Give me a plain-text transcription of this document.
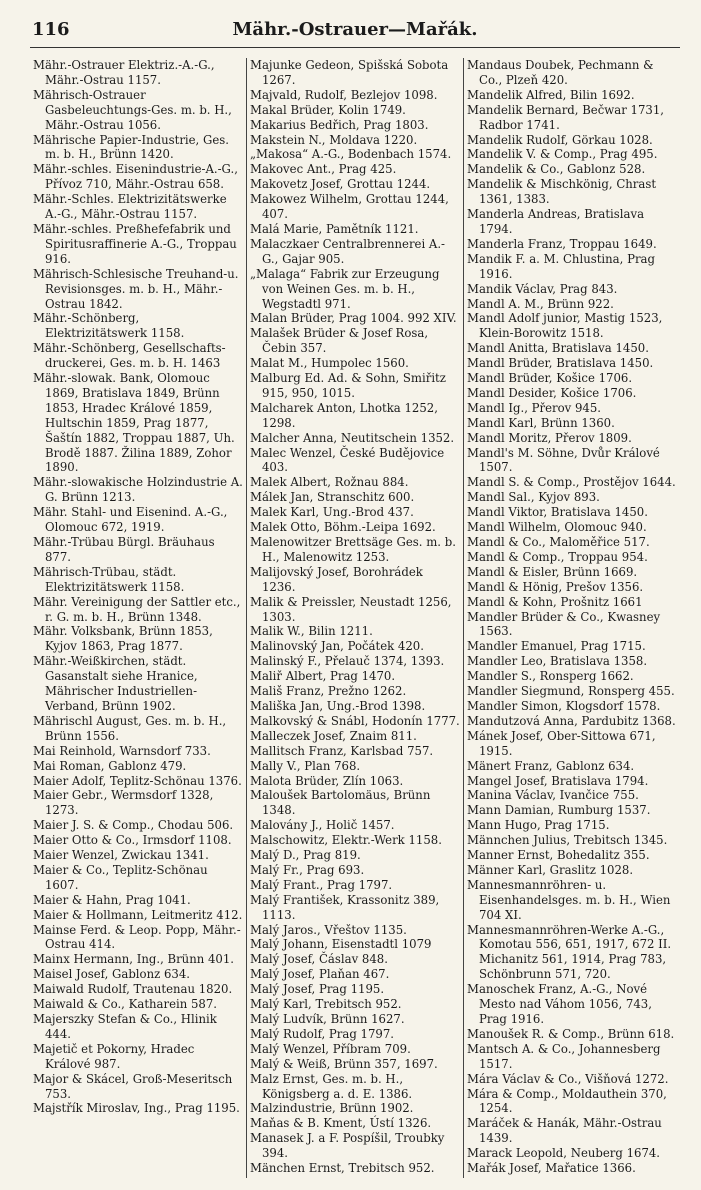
116	Mähr.-Ostrauer—Mařák.
Mähr.-Ostrauer Elektriz.-A.-G., Mähr.-Ostrau 1157.
Mährisch-Ostrauer Gasbeleuchtungs-Ges. m. b. H., Mähr.-Ostrau 1056.
Mährische Papier-Industrie, Ges. m. b. H., Brünn 1420.
Mähr.-schles. Eisenindustrie-A.-G., Přívoz 710, Mähr.-Ostrau 658.
Mähr.-Schles. Elektrizitätswerke A.-G., Mähr.-Ostrau 1157.
Mähr.-schles. Preßhefefabrik und Spiritusraffinerie A.-G., Troppau 916.
Mährisch-Schlesische Treuhand-u. Revisionsges. m. b. H., Mähr.-Ostrau 1842.
Mähr.-Schönberg, Elektrizitätswerk 1158.
Mähr.-Schönberg, Gesellschafts-druckerei, Ges. m. b. H. 1463
Mähr.-slowak. Bank, Olomouc 1869, Bratislava 1849, Brünn 1853, Hradec Králové 1859, Hultschin 1859, Prag 1877, Šaštín 1882, Troppau 1887, Uh. Brodě 1887. Žilina 1889, Zohor 1890.
Mähr.-slowakische Holzindustrie A. G. Brünn 1213.
Mähr. Stahl- und Eisenind. A.-G., Olomouc 672, 1919.
Mähr.-Trübau Bürgl. Bräuhaus 877.
Mährisch-Trübau, städt. Elektrizitätswerk 1158.
Mähr. Vereinigung der Sattler etc., r. G. m. b. H., Brünn 1348.
Mähr. Volksbank, Brünn 1853, Kyjov 1863, Prag 1877.
Mähr.-Weißkirchen, städt. Gasanstalt siehe Hranice, Mährischer Industriellen-Verband, Brünn 1902.
Mährischl August, Ges. m. b. H., Brünn 1556.
Mai Reinhold, Warnsdorf 733.
Mai Roman, Gablonz 479.
Maier Adolf, Teplitz-Schönau 1376.
Maier Gebr., Wermsdorf 1328, 1273.
Maier J. S. & Comp., Chodau 506.
Maier Otto & Co., Irmsdorf 1108.
Maier Wenzel, Zwickau 1341.
Maier & Co., Teplitz-Schönau 1607.
Maier & Hahn, Prag 1041.
Maier & Hollmann, Leitmeritz 412.
Mainse Ferd. & Leop. Popp, Mähr.-Ostrau 414.
Mainx Hermann, Ing., Brünn 401.
Maisel Josef, Gablonz 634.
Maiwald Rudolf, Trautenau 1820.
Maiwald & Co., Katharein 587.
Majerszky Stefan & Co., Hlinik 444.
Majetič et Pokorny, Hradec Králové 987.
Major & Skácel, Groß-Meseritsch 753.
Majstřík Miroslav, Ing., Prag 1195.
Majunke Gedeon, Spišská Sobota 1267.
Majvald, Rudolf, Bezlejov 1098.
Makal Brüder, Kolin 1749.
Makarius Bedřich, Prag 1803.
Makstein N., Moldava 1220.
„Makosa“ A.-G., Bodenbach 1574.
Makovec Ant., Prag 425.
Makovetz Josef, Grottau 1244.
Makowez Wilhelm, Grottau 1244, 407.
Malá Marie, Pamětník 1121.
Malaczkaer Centralbrennerei A.-G., Gajar 905.
„Malaga“ Fabrik zur Erzeugung von Weinen Ges. m. b. H., Wegstadtl 971.
Malan Brüder, Prag 1004. 992 XIV.
Malašek Brüder & Josef Rosa, Čebin 357.
Malat M., Humpolec 1560.
Malburg Ed. Ad. & Sohn, Smiřitz 915, 950, 1015.
Malcharek Anton, Lhotka 1252, 1298.
Malcher Anna, Neutitschein 1352.
Malec Wenzel, České Budějovice 403.
Malek Albert, Rožnau 884.
Málek Jan, Stranschitz 600.
Malek Karl, Ung.-Brod 437.
Malek Otto, Böhm.-Leipa 1692.
Malenowitzer Brettsäge Ges. m. b. H., Malenowitz 1253.
Malijovský Josef, Borohrádek 1236.
Malik & Preissler, Neustadt 1256, 1303.
Malik W., Bilin 1211.
Malinovský Jan, Počátek 420.
Malinský F., Přelauč 1374, 1393.
Maliř Albert, Prag 1470.
Mališ Franz, Prežno 1262.
Mališka Jan, Ung.-Brod 1398.
Malkovský & Snábl, Hodonín 1777.
Malleczek Josef, Znaim 811.
Mallitsch Franz, Karlsbad 757.
Mally V., Plan 768.
Malota Brüder, Zlín 1063.
Maloušek Bartolomäus, Brünn 1348.
Malovány J., Holič 1457.
Malschowitz, Elektr.-Werk 1158.
Malý D., Prag 819.
Malý Fr., Prag 693.
Malý Frant., Prag 1797.
Malý František, Krassonitz 389, 1113.
Malý Jaros., Vřeštov 1135.
Malý Johann, Eisenstadtl 1079
Malý Josef, Čáslav 848.
Malý Josef, Plaňan 467.
Malý Josef, Prag 1195.
Malý Karl, Trebitsch 952.
Malý Ludvík, Brünn 1627.
Malý Rudolf, Prag 1797.
Malý Wenzel, Příbram 709.
Malý & Weiß, Brünn 357, 1697.
Malz Ernst, Ges. m. b. H., Königsberg a. d. E. 1386.
Malzindustrie, Brünn 1902.
Maňas & B. Kment, Ústí 1326.
Manasek J. a F. Pospíšil, Troubky 394.
Mänchen Ernst, Trebitsch 952.
Mandaus Doubek, Pechmann & Co., Plzeň 420.
Mandelik Alfred, Bilin 1692.
Mandelik Bernard, Bečwar 1731, Radbor 1741.
Mandelik Rudolf, Görkau 1028.
Mandelik V. & Comp., Prag 495.
Mandelik & Co., Gablonz 528.
Mandelik & Mischkönig, Chrast 1361, 1383.
Manderla Andreas, Bratislava 1794.
Manderla Franz, Troppau 1649.
Mandik F. a. M. Chlustina, Prag 1916.
Mandik Václav, Prag 843.
Mandl A. M., Brünn 922.
Mandl Adolf junior, Mastig 1523, Klein-Borowitz 1518.
Mandl Anitta, Bratislava 1450.
Mandl Brüder, Bratislava 1450.
Mandl Brüder, Košice 1706.
Mandl Desider, Košice 1706.
Mandl Ig., Přerov 945.
Mandl Karl, Brünn 1360.
Mandl Moritz, Přerov 1809.
Mandl's M. Söhne, Dvůr Králové 1507.
Mandl S. & Comp., Prostějov 1644.
Mandl Sal., Kyjov 893.
Mandl Viktor, Bratislava 1450.
Mandl Wilhelm, Olomouc 940.
Mandl & Co., Maloměřice 517.
Mandl & Comp., Troppau 954.
Mandl & Eisler, Brünn 1669.
Mandl & Hönig, Prešov 1356.
Mandl & Kohn, Prošnitz 1661
Mandler Brüder & Co., Kwasney 1563.
Mandler Emanuel, Prag 1715.
Mandler Leo, Bratislava 1358.
Mandler S., Ronsperg 1662.
Mandler Siegmund, Ronsperg 455.
Mandler Simon, Klogsdorf 1578.
Mandutzová Anna, Pardubitz 1368.
Mánek Josef, Ober-Sittowa 671, 1915.
Mänert Franz, Gablonz 634.
Mangel Josef, Bratislava 1794.
Manina Václav, Ivančice 755.
Mann Damian, Rumburg 1537.
Mann Hugo, Prag 1715.
Männchen Julius, Trebitsch 1345.
Manner Ernst, Bohedalitz 355.
Männer Karl, Graslitz 1028.
Mannesmannröhren- u. Eisenhandelsges. m. b. H., Wien 704 XI.
Mannesmannröhren-Werke A.-G., Komotau 556, 651, 1917, 672 II. Michanitz 561, 1914, Prag 783, Schönbrunn 571, 720.
Manoschek Franz, A.-G., Nové Mesto nad Váhom 1056, 743, Prag 1916.
Manoušek R. & Comp., Brünn 618.
Mantsch A. & Co., Johannesberg 1517.
Mára Václav & Co., Višňová 1272.
Mára & Comp., Moldauthein 370, 1254.
Maráček & Hanák, Mähr.-Ostrau 1439.
Marack Leopold, Neuberg 1674.
Mařák Josef, Mařatice 1366.
